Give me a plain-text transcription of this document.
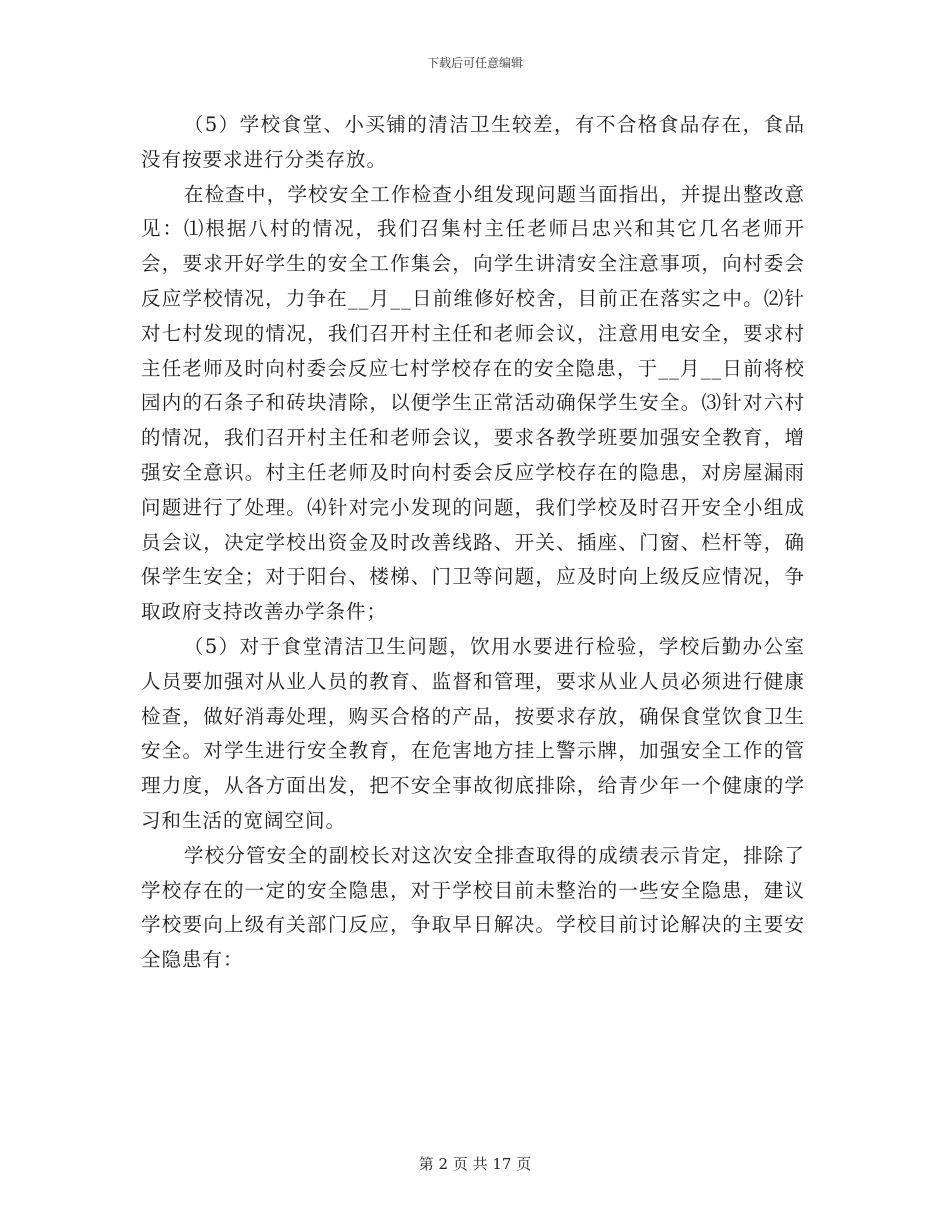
下载后可任意编辑

（5）学校食堂、小买铺的清洁卫生较差，有不合格食品存在，食品没有按要求进行分类存放。

在检查中，学校安全工作检查小组发现问题当面指出，并提出整改意见：⑴根据八村的情况，我们召集村主任老师吕忠兴和其它几名老师开会，要求开好学生的安全工作集会，向学生讲清安全注意事项，向村委会反应学校情况，力争在__月__日前维修好校舍，目前正在落实之中。⑵针对七村发现的情况，我们召开村主任和老师会议，注意用电安全，要求村主任老师及时向村委会反应七村学校存在的安全隐患，于__月__日前将校园内的石条子和砖块清除，以便学生正常活动确保学生安全。⑶针对六村的情况，我们召开村主任和老师会议，要求各教学班要加强安全教育，增强安全意识。村主任老师及时向村委会反应学校存在的隐患，对房屋漏雨问题进行了处理。⑷针对完小发现的问题，我们学校及时召开安全小组成员会议，决定学校出资金及时改善线路、开关、插座、门窗、栏杆等，确保学生安全；对于阳台、楼梯、门卫等问题，应及时向上级反应情况，争取政府支持改善办学条件；

（5）对于食堂清洁卫生问题，饮用水要进行检验，学校后勤办公室人员要加强对从业人员的教育、监督和管理，要求从业人员必须进行健康检查，做好消毒处理，购买合格的产品，按要求存放，确保食堂饮食卫生安全。对学生进行安全教育，在危害地方挂上警示牌，加强安全工作的管理力度，从各方面出发，把不安全事故彻底排除，给青少年一个健康的学习和生活的宽阔空间。

学校分管安全的副校长对这次安全排查取得的成绩表示肯定，排除了学校存在的一定的安全隐患，对于学校目前未整治的一些安全隐患，建议学校要向上级有关部门反应，争取早日解决。学校目前讨论解决的主要安全隐患有：

第 2 页 共 17 页
